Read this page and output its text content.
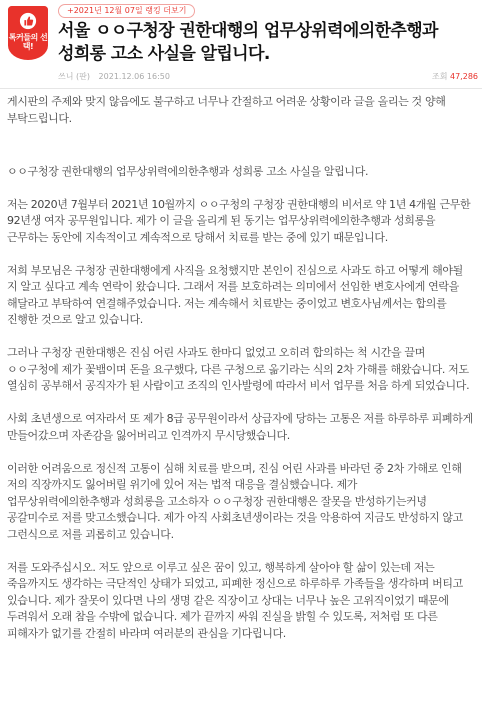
톡커들의 선택!
+2021년 12월 07일 랭킹 더보기
서울 ㅇㅇ구청장 권한대행의 업무상위력에의한추행과 성희롱 고소 사실을 알립니다.
쓰니 (판) 2021.12.06 16:50	조회 47,286

게시판의 주제와 맞지 않음에도 불구하고 너무나 간절하고 어려운 상황이라 글을 올리는 것 양해 부탁드립니다.

ㅇㅇ구청장 권한대행의 업무상위력에의한추행과 성희롱 고소 사실을 알립니다.

저는 2020년 7월부터 2021년 10월까지 ㅇㅇ구청의 구청장 권한대행의 비서로 약 1년 4개월 근무한 92년생 여자 공무원입니다. 제가 이 글을 올리게 된 동기는 업무상위력에의한추행과 성희롱을 근무하는 동안에 지속적이고 계속적으로 당해서 치료를 받는 중에 있기 때문입니다.

저희 부모님은 구청장 권한대행에게 사직을 요청했지만 본인이 진심으로 사과도 하고 어떻게 해야될 지 알고 싶다고 계속 연락이 왔습니다. 그래서 저를 보호하려는 의미에서 선임한 변호사에게 연락을 해달라고 부탁하여 연결해주었습니다. 저는 계속해서 치료받는 중이었고 변호사님께서는 합의를 진행한 것으로 알고 있습니다.

그러나 구청장 권한대행은 진심 어린 사과도 한마디 없었고 오히려 합의하는 척 시간을 끌며 ㅇㅇ구청에 제가 꽃뱀이며 돈을 요구했다, 다른 구청으로 옮기라는 식의 2차 가해를 해왔습니다. 저도 열심히 공부해서 공직자가 된 사람이고 조직의 인사발령에 따라서 비서 업무를 처음 하게 되었습니다.

사회 초년생으로 여자라서 또 제가 8급 공무원이라서 상급자에 당하는 고통은 저를 하루하루 피폐하게 만들어갔으며 자존감을 잃어버리고 인격까지 무시당했습니다.

이러한 어려움으로 정신적 고통이 심해 치료를 받으며, 진심 어린 사과를 바라던 중 2차 가해로 인해 저의 직장까지도 잃어버릴 위기에 있어 저는 법적 대응을 결심했습니다. 제가 업무상위력에의한추행과 성희롱을 고소하자 ㅇㅇ구청장 권한대행은 잘못을 반성하기는커녕 공갈미수로 저를 맞고소했습니다. 제가 아직 사회초년생이라는 것을 악용하여 지금도 반성하지 않고 그런식으로 저를 괴롭히고 있습니다.

저를 도와주십시오. 저도 앞으로 이루고 싶은 꿈이 있고, 행복하게 살아야 할 삶이 있는데 저는 죽음까지도 생각하는 극단적인 상태가 되었고, 피폐한 정신으로 하루하루 가족들을 생각하며 버티고 있습니다. 제가 잘못이 있다면 나의 생명 같은 직장이고 상대는 너무나 높은 고위직이었기 때문에 두려워서 오래 참을 수밖에 없습니다. 제가 끝까지 싸워 진실을 밝힐 수 있도록, 저처럼 또 다른 피해자가 없기를 간절히 바라며 여러분의 관심을 기다립니다.
